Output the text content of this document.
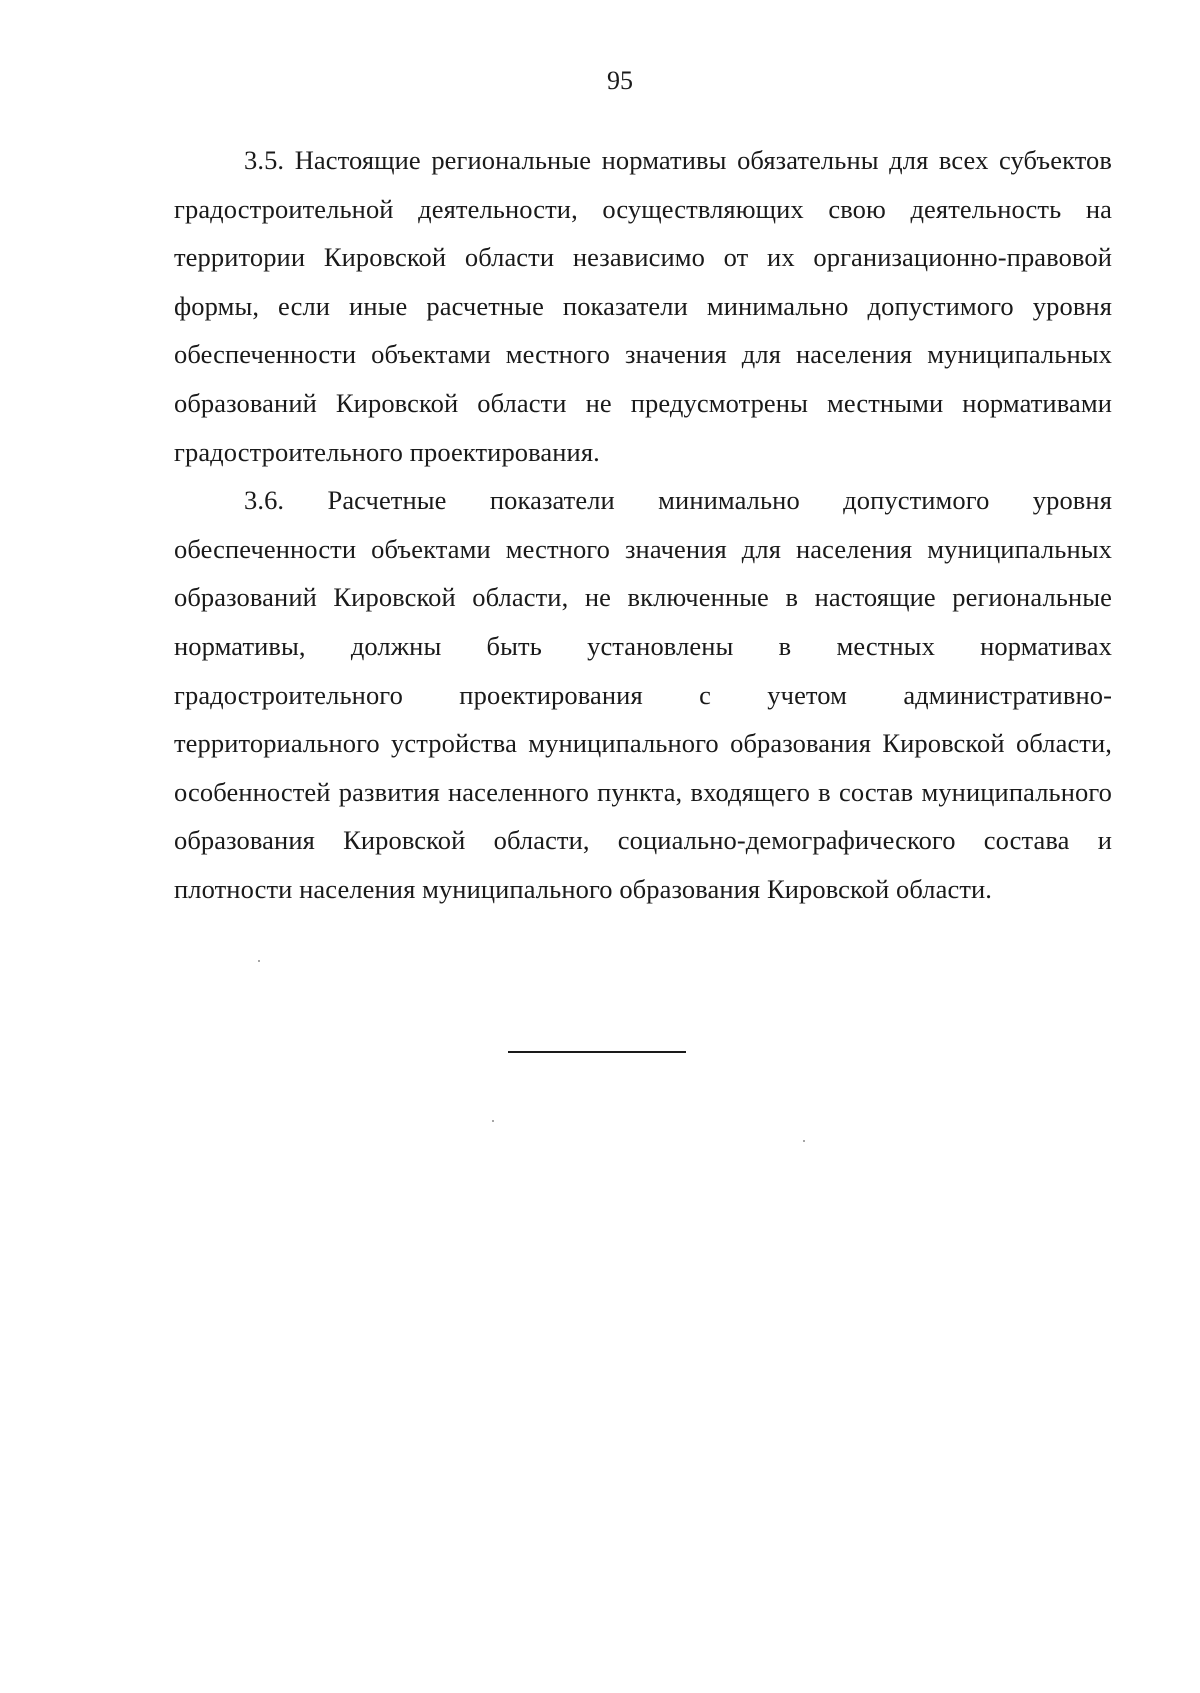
95

3.5. Настоящие региональные нормативы обязательны для всех субъектов градостроительной деятельности, осуществляющих свою деятельность на территории Кировской области независимо от их организационно-правовой формы, если иные расчетные показатели минимально допустимого уровня обеспеченности объектами местного значения для населения муниципальных образований Кировской области не предусмотрены местными нормативами градостроительного проектирования.

3.6. Расчетные показатели минимально допустимого уровня обеспеченности объектами местного значения для населения муниципальных образований Кировской области, не включенные в настоящие региональные нормативы, должны быть установлены в местных нормативах градостроительного проектирования с учетом административно-территориального устройства муниципального образования Кировской области, особенностей развития населенного пункта, входящего в состав муниципального образования Кировской области, социально-демографического состава и плотности населения муниципального образования Кировской области.
